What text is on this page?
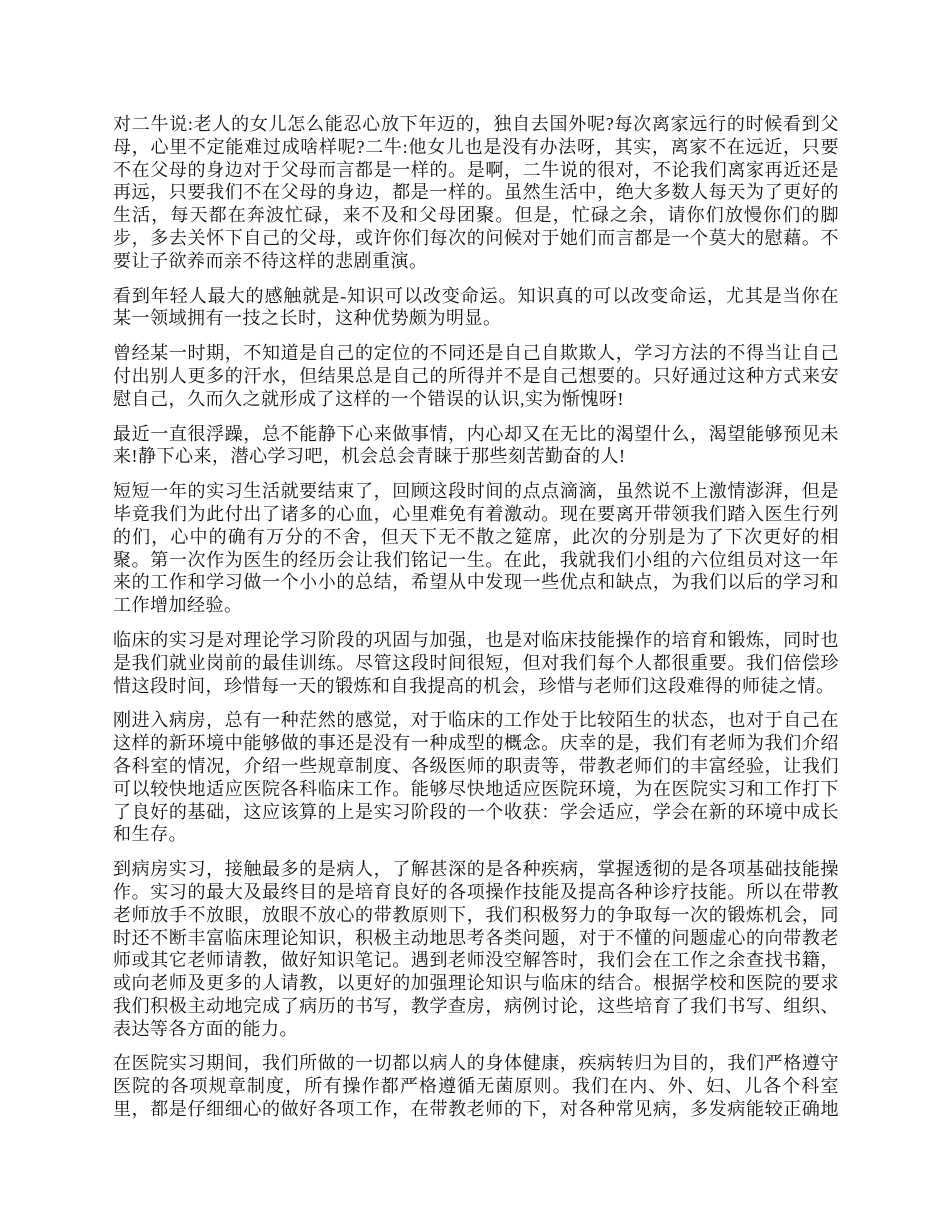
对二牛说:老人的女儿怎么能忍心放下年迈的，独自去国外呢?每次离家远行的时候看到父母，心里不定能难过成啥样呢?二牛:他女儿也是没有办法呀，其实，离家不在远近，只要不在父母的身边对于父母而言都是一样的。是啊，二牛说的很对，不论我们离家再近还是再远，只要我们不在父母的身边，都是一样的。虽然生活中，绝大多数人每天为了更好的生活，每天都在奔波忙碌，来不及和父母团聚。但是，忙碌之余，请你们放慢你们的脚步，多去关怀下自己的父母，或许你们每次的问候对于她们而言都是一个莫大的慰藉。不要让子欲养而亲不待这样的悲剧重演。

看到年轻人最大的感触就是-知识可以改变命运。知识真的可以改变命运，尤其是当你在某一领域拥有一技之长时，这种优势颇为明显。

曾经某一时期，不知道是自己的定位的不同还是自己自欺欺人，学习方法的不得当让自己付出别人更多的汗水，但结果总是自己的所得并不是自己想要的。只好通过这种方式来安慰自己，久而久之就形成了这样的一个错误的认识,实为惭愧呀!

最近一直很浮躁，总不能静下心来做事情，内心却又在无比的渴望什么，渴望能够预见未来!静下心来，潜心学习吧，机会总会青睐于那些刻苦勤奋的人!

短短一年的实习生活就要结束了，回顾这段时间的点点滴滴，虽然说不上激情澎湃，但是毕竟我们为此付出了诸多的心血，心里难免有着激动。现在要离开带领我们踏入医生行列的们，心中的确有万分的不舍，但天下无不散之筵席，此次的分别是为了下次更好的相聚。第一次作为医生的经历会让我们铭记一生。在此，我就我们小组的六位组员对这一年来的工作和学习做一个小小的总结，希望从中发现一些优点和缺点，为我们以后的学习和工作增加经验。

临床的实习是对理论学习阶段的巩固与加强，也是对临床技能操作的培育和锻炼，同时也是我们就业岗前的最佳训练。尽管这段时间很短，但对我们每个人都很重要。我们倍偿珍惜这段时间，珍惜每一天的锻炼和自我提高的机会，珍惜与老师们这段难得的师徒之情。

刚进入病房，总有一种茫然的感觉，对于临床的工作处于比较陌生的状态，也对于自己在这样的新环境中能够做的事还是没有一种成型的概念。庆幸的是，我们有老师为我们介绍各科室的情况，介绍一些规章制度、各级医师的职责等，带教老师们的丰富经验，让我们可以较快地适应医院各科临床工作。能够尽快地适应医院环境，为在医院实习和工作打下了良好的基础，这应该算的上是实习阶段的一个收获：学会适应，学会在新的环境中成长和生存。

到病房实习，接触最多的是病人，了解甚深的是各种疾病，掌握透彻的是各项基础技能操作。实习的最大及最终目的是培育良好的各项操作技能及提高各种诊疗技能。所以在带教老师放手不放眼，放眼不放心的带教原则下，我们积极努力的争取每一次的锻炼机会，同时还不断丰富临床理论知识，积极主动地思考各类问题，对于不懂的问题虚心的向带教老师或其它老师请教，做好知识笔记。遇到老师没空解答时，我们会在工作之余查找书籍，或向老师及更多的人请教，以更好的加强理论知识与临床的结合。根据学校和医院的要求我们积极主动地完成了病历的书写，教学查房，病例讨论，这些培育了我们书写、组织、表达等各方面的能力。

在医院实习期间，我们所做的一切都以病人的身体健康，疾病转归为目的，我们严格遵守医院的各项规章制度，所有操作都严格遵循无菌原则。我们在内、外、妇、儿各个科室里，都是仔细细心的做好各项工作，在带教老师的下，对各种常见病，多发病能较正确地
